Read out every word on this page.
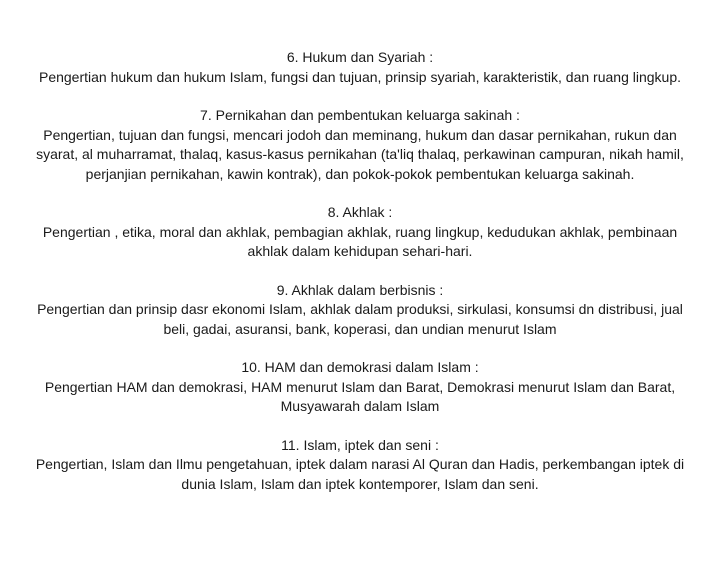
6. Hukum dan Syariah :
Pengertian hukum dan hukum Islam, fungsi dan tujuan, prinsip syariah, karakteristik, dan ruang lingkup.
7. Pernikahan dan pembentukan keluarga sakinah :
Pengertian, tujuan dan fungsi, mencari jodoh dan meminang, hukum dan dasar pernikahan, rukun dan syarat, al muharramat, thalaq, kasus-kasus pernikahan (ta'liq thalaq, perkawinan campuran, nikah hamil, perjanjian pernikahan, kawin kontrak), dan pokok-pokok pembentukan keluarga sakinah.
8. Akhlak :
Pengertian , etika, moral dan akhlak, pembagian akhlak, ruang lingkup, kedudukan akhlak, pembinaan akhlak dalam kehidupan sehari-hari.
9. Akhlak dalam berbisnis :
Pengertian dan prinsip dasr ekonomi Islam, akhlak dalam produksi, sirkulasi, konsumsi dn distribusi, jual beli, gadai, asuransi, bank, koperasi, dan undian menurut Islam
10. HAM dan demokrasi dalam Islam :
Pengertian HAM dan demokrasi, HAM menurut Islam dan Barat, Demokrasi menurut Islam dan Barat, Musyawarah dalam Islam
11. Islam, iptek dan seni :
Pengertian, Islam dan Ilmu pengetahuan, iptek dalam narasi Al Quran dan Hadis, perkembangan iptek di dunia Islam, Islam dan iptek kontemporer, Islam dan seni.
